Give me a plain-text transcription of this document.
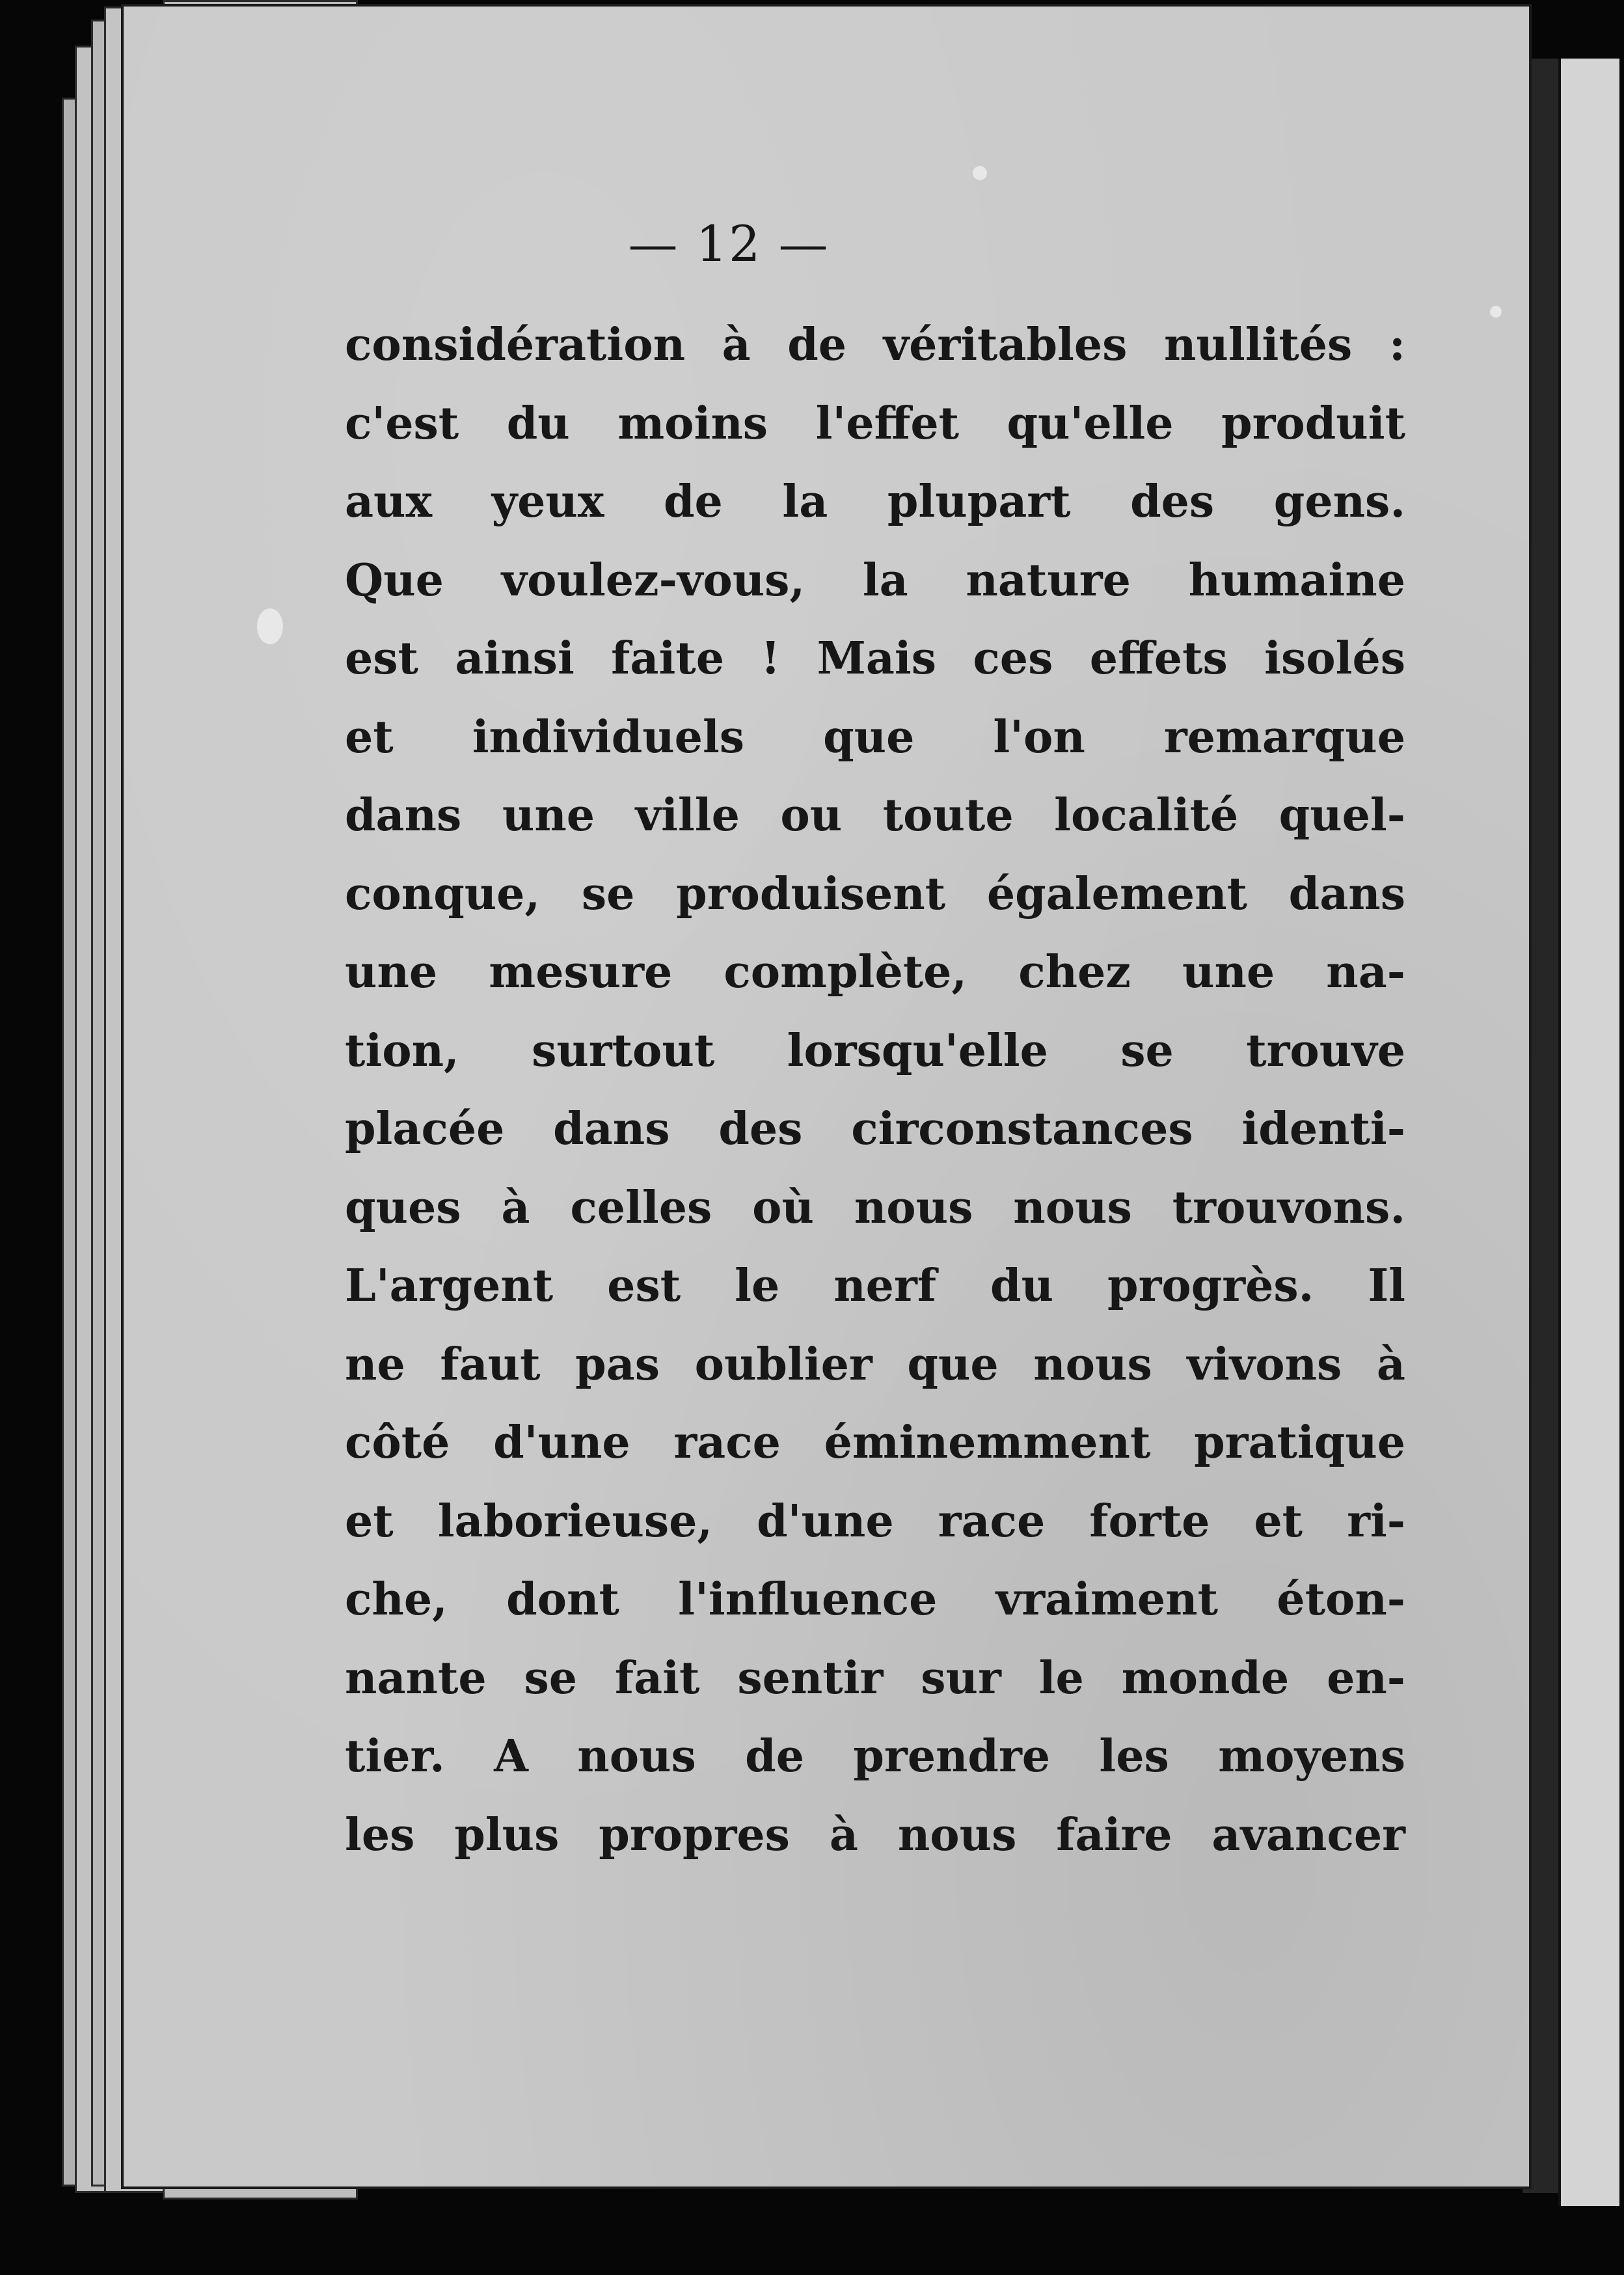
— 12 —
considération à de véritables nullités :
c'est du moins l'effet qu'elle produit
aux yeux de la plupart des gens.
Que voulez-vous, la nature humaine
est ainsi faite ! Mais ces effets isolés
et individuels que l'on remarque
dans une ville ou toute localité quel-
conque, se produisent également dans
une mesure complète, chez une na-
tion, surtout lorsqu'elle se trouve
placée dans des circonstances identi-
ques à celles où nous nous trouvons.
L'argent est le nerf du progrès. Il
ne faut pas oublier que nous vivons à
côté d'une race éminemment pratique
et laborieuse, d'une race forte et ri-
che, dont l'influence vraiment éton-
nante se fait sentir sur le monde en-
tier. A nous de prendre les moyens
les plus propres à nous faire avancer
